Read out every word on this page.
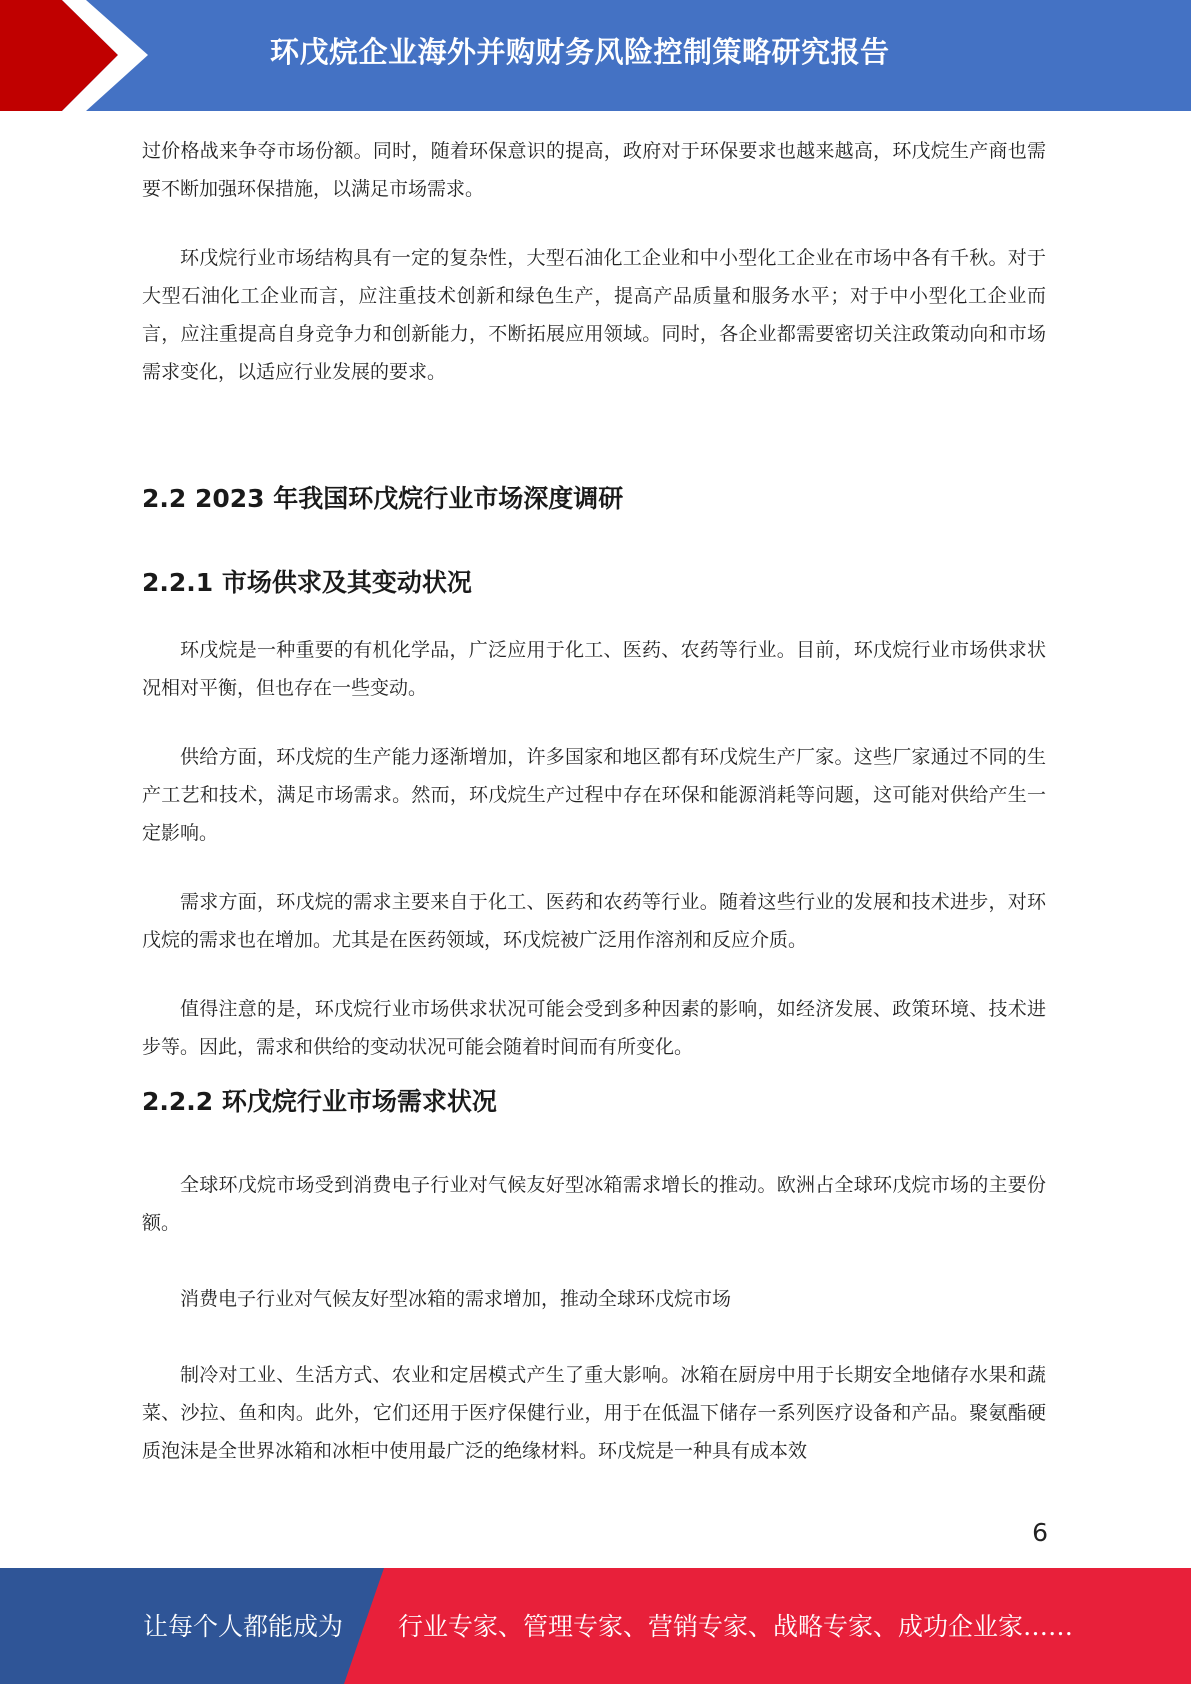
环戊烷企业海外并购财务风险控制策略研究报告

过价格战来争夺市场份额。同时，随着环保意识的提高，政府对于环保要求也越来越高，环戊烷生产商也需要不断加强环保措施，以满足市场需求。

环戊烷行业市场结构具有一定的复杂性，大型石油化工企业和中小型化工企业在市场中各有千秋。对于大型石油化工企业而言，应注重技术创新和绿色生产，提高产品质量和服务水平；对于中小型化工企业而言，应注重提高自身竞争力和创新能力，不断拓展应用领域。同时，各企业都需要密切关注政策动向和市场需求变化，以适应行业发展的要求。

2.2 2023 年我国环戊烷行业市场深度调研
2.2.1 市场供求及其变动状况

环戊烷是一种重要的有机化学品，广泛应用于化工、医药、农药等行业。目前，环戊烷行业市场供求状况相对平衡，但也存在一些变动。

供给方面，环戊烷的生产能力逐渐增加，许多国家和地区都有环戊烷生产厂家。这些厂家通过不同的生产工艺和技术，满足市场需求。然而，环戊烷生产过程中存在环保和能源消耗等问题，这可能对供给产生一定影响。

需求方面，环戊烷的需求主要来自于化工、医药和农药等行业。随着这些行业的发展和技术进步，对环戊烷的需求也在增加。尤其是在医药领域，环戊烷被广泛用作溶剂和反应介质。

值得注意的是，环戊烷行业市场供求状况可能会受到多种因素的影响，如经济发展、政策环境、技术进步等。因此，需求和供给的变动状况可能会随着时间而有所变化。

2.2.2 环戊烷行业市场需求状况

全球环戊烷市场受到消费电子行业对气候友好型冰箱需求增长的推动。欧洲占全球环戊烷市场的主要份额。

消费电子行业对气候友好型冰箱的需求增加，推动全球环戊烷市场

制冷对工业、生活方式、农业和定居模式产生了重大影响。冰箱在厨房中用于长期安全地储存水果和蔬菜、沙拉、鱼和肉。此外，它们还用于医疗保健行业，用于在低温下储存一系列医疗设备和产品。聚氨酯硬质泡沫是全世界冰箱和冰柜中使用最广泛的绝缘材料。环戊烷是一种具有成本效

6
让每个人都能成为 行业专家、管理专家、营销专家、战略专家、成功企业家……
